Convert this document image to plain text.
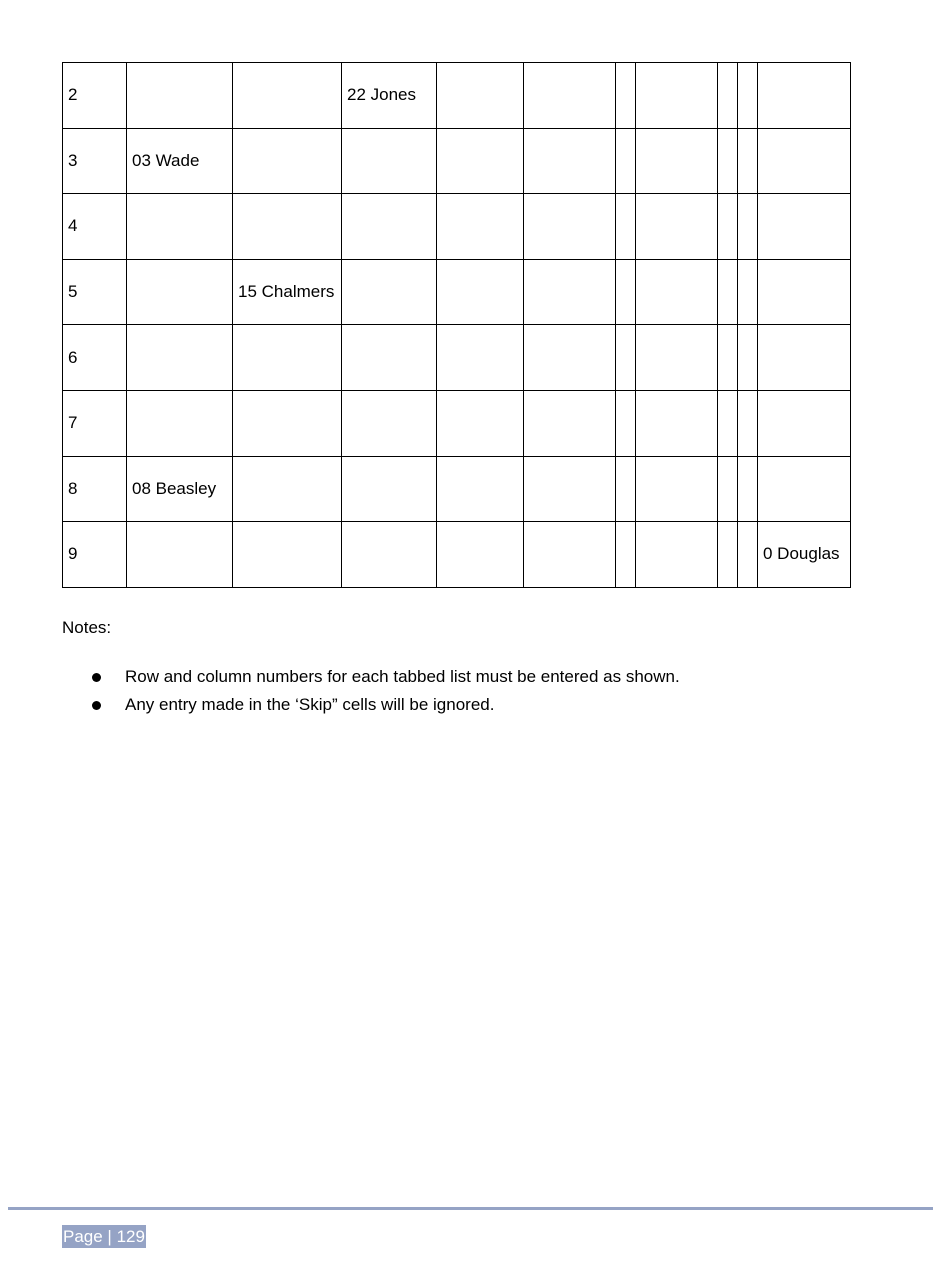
2			22 Jones							
3	03 Wade									
4										
5		15 Chalmers								
6										
7										
8	08 Beasley									
9										0 Douglas

Notes:

Row and column numbers for each tabbed list must be entered as shown.
Any entry made in the ‘Skip” cells will be ignored.
Page | 129
